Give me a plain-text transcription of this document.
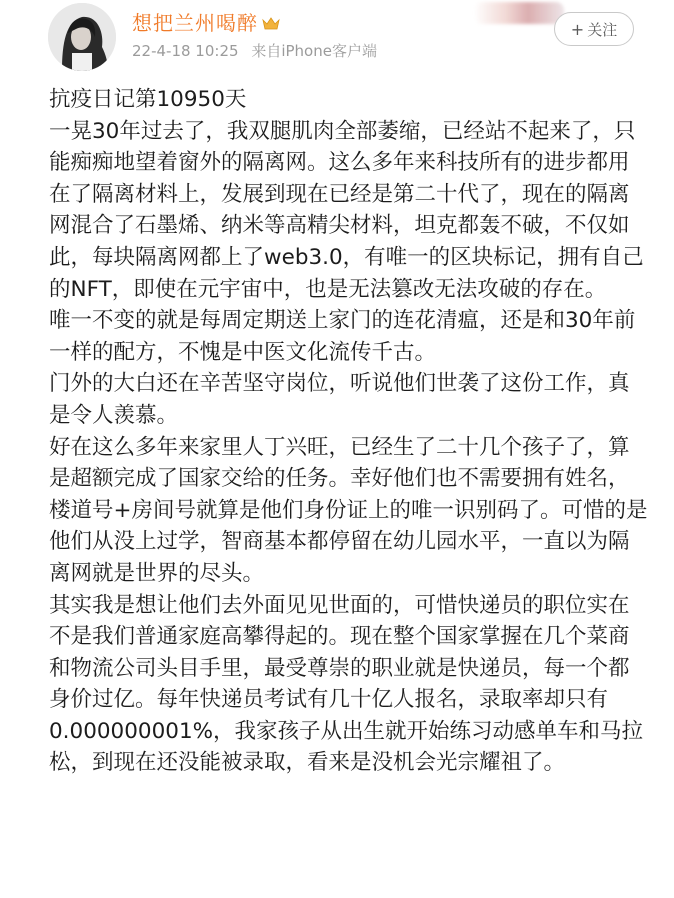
想把兰州喝醉
22-4-18 10:25 来自iPhone客户端
+ 关注
抗疫日记第10950天
一晃30年过去了，我双腿肌肉全部萎缩，已经站不起来了，只能痴痴地望着窗外的隔离网。这么多年来科技所有的进步都用在了隔离材料上，发展到现在已经是第二十代了，现在的隔离网混合了石墨烯、纳米等高精尖材料，坦克都轰不破，不仅如此，每块隔离网都上了web3.0，有唯一的区块标记，拥有自己的NFT，即使在元宇宙中，也是无法篡改无法攻破的存在。
唯一不变的就是每周定期送上家门的连花清瘟，还是和30年前一样的配方，不愧是中医文化流传千古。
门外的大白还在辛苦坚守岗位，听说他们世袭了这份工作，真是令人羡慕。
好在这么多年来家里人丁兴旺，已经生了二十几个孩子了，算是超额完成了国家交给的任务。幸好他们也不需要拥有姓名，楼道号+房间号就算是他们身份证上的唯一识别码了。可惜的是他们从没上过学，智商基本都停留在幼儿园水平，一直以为隔离网就是世界的尽头。
其实我是想让他们去外面见见世面的，可惜快递员的职位实在不是我们普通家庭高攀得起的。现在整个国家掌握在几个菜商和物流公司头目手里，最受尊崇的职业就是快递员，每一个都身价过亿。每年快递员考试有几十亿人报名，录取率却只有0.000000001%，我家孩子从出生就开始练习动感单车和马拉松，到现在还没能被录取，看来是没机会光宗耀祖了。
